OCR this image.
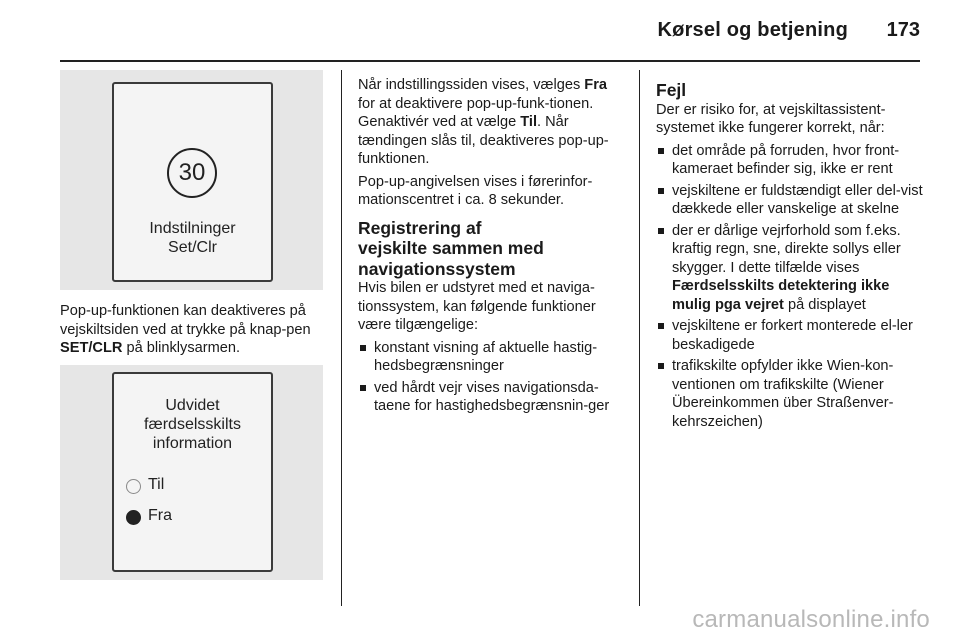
Kørsel og betjening 173
30
Indstilninger
Set/Clr
Pop-up-funktionen kan deaktiveres på vejskiltsiden ved at trykke på knap-pen SET/CLR på blinklysarmen.
Udvidet
færdselsskilts
information
Til
Fra

Når indstillingssiden vises, vælges Fra for at deaktivere pop-up-funk-tionen. Genaktivér ved at vælge Til. Når tændingen slås til, deaktiveres pop-up-funktionen.

Pop-up-angivelsen vises i førerinfor-mationscentret i ca. 8 sekunder.

Registrering af vejskilte sammen med navigationssystem

Hvis bilen er udstyret med et naviga-tionssystem, kan følgende funktioner være tilgængelige:

konstant visning af aktuelle hastig-hedsbegrænsninger
ved hårdt vejr vises navigationsda-taene for hastighedsbegrænsnin-ger
Fejl

Der er risiko for, at vejskiltassistent-systemet ikke fungerer korrekt, når:

det område på forruden, hvor front-kameraet befinder sig, ikke er rent
vejskiltene er fuldstændigt eller del-vist dækkede eller vanskelige at skelne
der er dårlige vejrforhold som f.eks. kraftig regn, sne, direkte sollys eller skygger. I dette tilfælde vises Færdselsskilts detektering ikke mulig pga vejret på displayet
vejskiltene er forkert monterede el-ler beskadigede
trafikskilte opfylder ikke Wien-kon-ventionen om trafikskilte (Wiener Übereinkommen über Straßenver-kehrszeichen)
carmanualsonline.info
